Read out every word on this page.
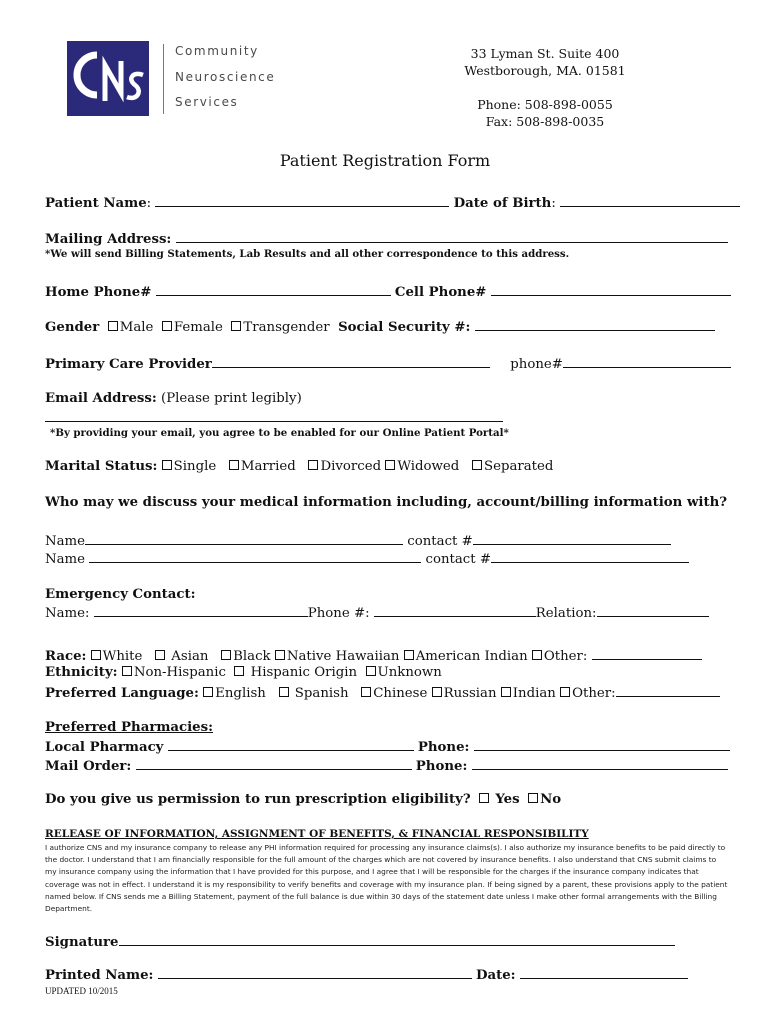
Community
Neuroscience
Services
33 Lyman St. Suite 400
Westborough, MA. 01581
Phone: 508-898-0055
Fax: 508-898-0035
Patient Registration Form
Patient Name:	Date of Birth:
Mailing Address:
*We will send Billing Statements, Lab Results and all other correspondence to this address.
Home Phone#	Cell Phone#
Gender Male Female Transgender Social Security #:
Primary Care Provider	phone#
Email Address: (Please print legibly)
*By providing your email, you agree to be enabled for our Online Patient Portal*
Marital Status: Single Married Divorced Widowed Separated
Who may we discuss your medical information including, account/billing information with?
Name	contact #
Name	contact #
Emergency Contact:
Name:	Phone #:	Relation:
Race: White Asian Black Native Hawaiian American Indian Other:
Ethnicity: Non-Hispanic Hispanic Origin Unknown
Preferred Language: English Spanish Chinese Russian Indian Other:
Preferred Pharmacies:
Local Pharmacy	Phone:
Mail Order:	Phone:
Do you give us permission to run prescription eligibility? Yes No
RELEASE OF INFORMATION, ASSIGNMENT OF BENEFITS, & FINANCIAL RESPONSIBILITY
I authorize CNS and my insurance company to release any PHI information required for processing any insurance claims(s). I also authorize my insurance benefits to be paid directly to the doctor. I understand that I am financially responsible for the full amount of the charges which are not covered by insurance benefits. I also understand that CNS submit claims to my insurance company using the information that I have provided for this purpose, and I agree that I will be responsible for the charges if the insurance company indicates that coverage was not in effect. I understand it is my responsibility to verify benefits and coverage with my insurance plan. If being signed by a parent, these provisions apply to the patient named below. If CNS sends me a Billing Statement, payment of the full balance is due within 30 days of the statement date unless I make other formal arrangements with the Billing Department.
Signature
Printed Name:	Date:
UPDATED 10/2015
